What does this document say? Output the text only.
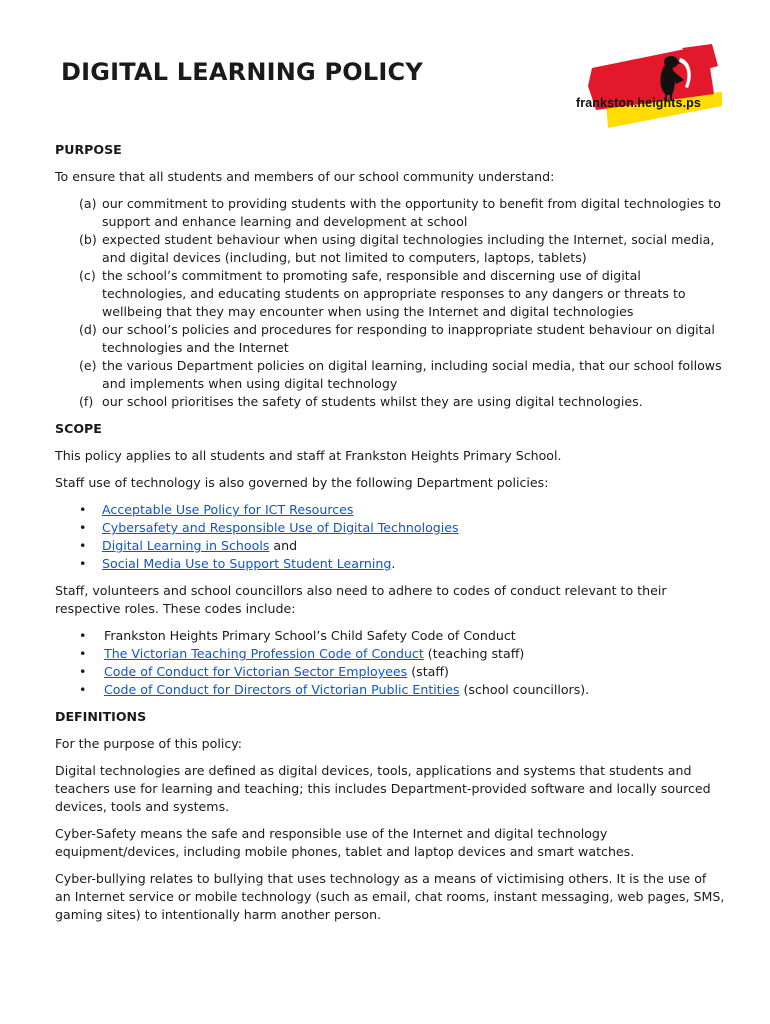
DIGITAL LEARNING POLICY
frankston.heights.ps
PURPOSE

To ensure that all students and members of our school community understand:

(a) our commitment to providing students with the opportunity to benefit from digital technologies to support and enhance learning and development at school
(b) expected student behaviour when using digital technologies including the Internet, social media, and digital devices (including, but not limited to computers, laptops, tablets)
(c) the school’s commitment to promoting safe, responsible and discerning use of digital technologies, and educating students on appropriate responses to any dangers or threats to wellbeing that they may encounter when using the Internet and digital technologies
(d) our school’s policies and procedures for responding to inappropriate student behaviour on digital technologies and the Internet
(e) the various Department policies on digital learning, including social media, that our school follows and implements when using digital technology
(f) our school prioritises the safety of students whilst they are using digital technologies.
SCOPE

This policy applies to all students and staff at Frankston Heights Primary School.

Staff use of technology is also governed by the following Department policies:

• Acceptable Use Policy for ICT Resources
• Cybersafety and Responsible Use of Digital Technologies
• Digital Learning in Schools and
• Social Media Use to Support Student Learning.

Staff, volunteers and school councillors also need to adhere to codes of conduct relevant to their respective roles. These codes include:

• Frankston Heights Primary School’s Child Safety Code of Conduct
• The Victorian Teaching Profession Code of Conduct (teaching staff)
• Code of Conduct for Victorian Sector Employees (staff)
• Code of Conduct for Directors of Victorian Public Entities (school councillors).
DEFINITIONS

For the purpose of this policy:

Digital technologies are defined as digital devices, tools, applications and systems that students and teachers use for learning and teaching; this includes Department-provided software and locally sourced devices, tools and systems.

Cyber-Safety means the safe and responsible use of the Internet and digital technology equipment/devices, including mobile phones, tablet and laptop devices and smart watches.

Cyber-bullying relates to bullying that uses technology as a means of victimising others. It is the use of an Internet service or mobile technology (such as email, chat rooms, instant messaging, web pages, SMS, gaming sites) to intentionally harm another person.
